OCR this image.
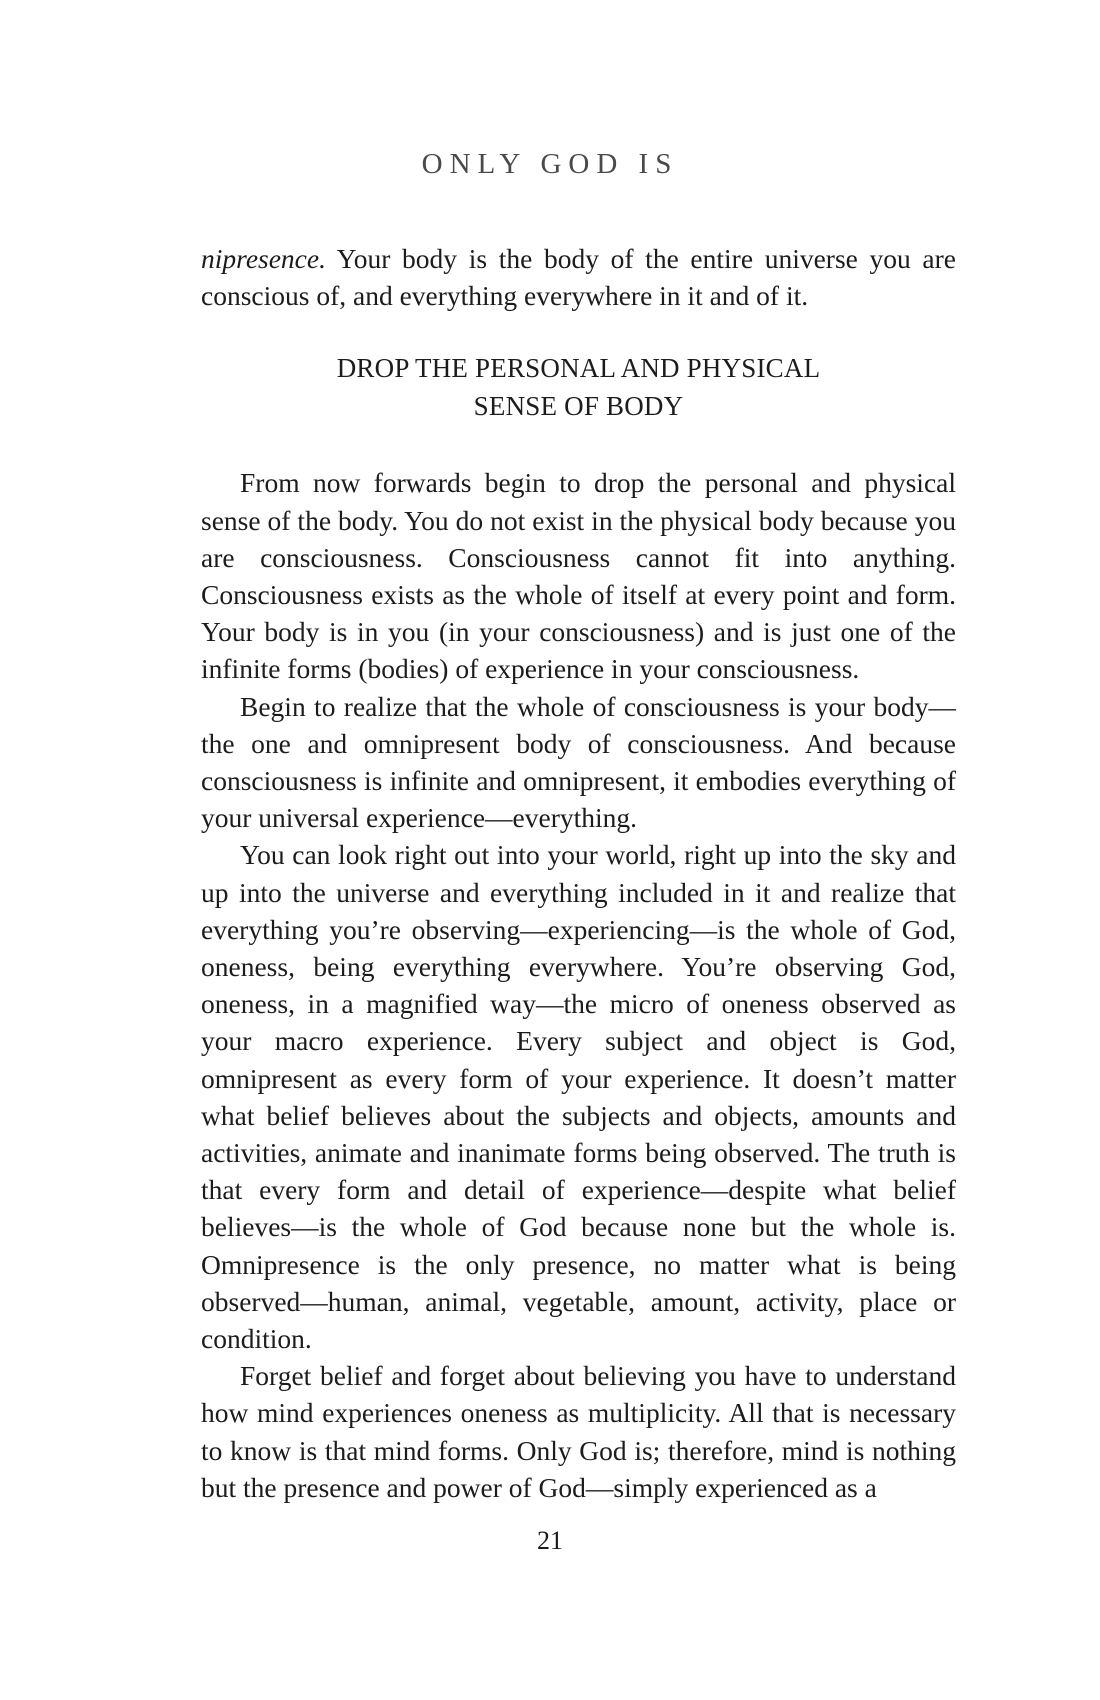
ONLY GOD IS

nipresence. Your body is the body of the entire universe you are conscious of, and everything everywhere in it and of it.

DROP THE PERSONAL AND PHYSICAL
SENSE OF BODY

From now forwards begin to drop the personal and physical sense of the body. You do not exist in the physical body because you are consciousness. Consciousness cannot fit into anything. Consciousness exists as the whole of itself at every point and form. Your body is in you (in your consciousness) and is just one of the infinite forms (bodies) of experience in your consciousness.

Begin to realize that the whole of consciousness is your body—the one and omnipresent body of consciousness. And because consciousness is infinite and omnipresent, it embodies everything of your universal experience—everything.

You can look right out into your world, right up into the sky and up into the universe and everything included in it and realize that everything you’re observing—experiencing—is the whole of God, oneness, being everything everywhere. You’re observing God, oneness, in a magnified way—the micro of oneness observed as your macro experience. Every subject and object is God, omnipresent as every form of your experience. It doesn’t matter what belief believes about the subjects and objects, amounts and activities, animate and inanimate forms being observed. The truth is that every form and detail of experience—despite what belief believes—is the whole of God because none but the whole is. Omnipresence is the only presence, no matter what is being observed—human, animal, vegetable, amount, activity, place or condition.

Forget belief and forget about believing you have to understand how mind experiences oneness as multiplicity. All that is necessary to know is that mind forms. Only God is; therefore, mind is nothing but the presence and power of God—simply experienced as a

21
